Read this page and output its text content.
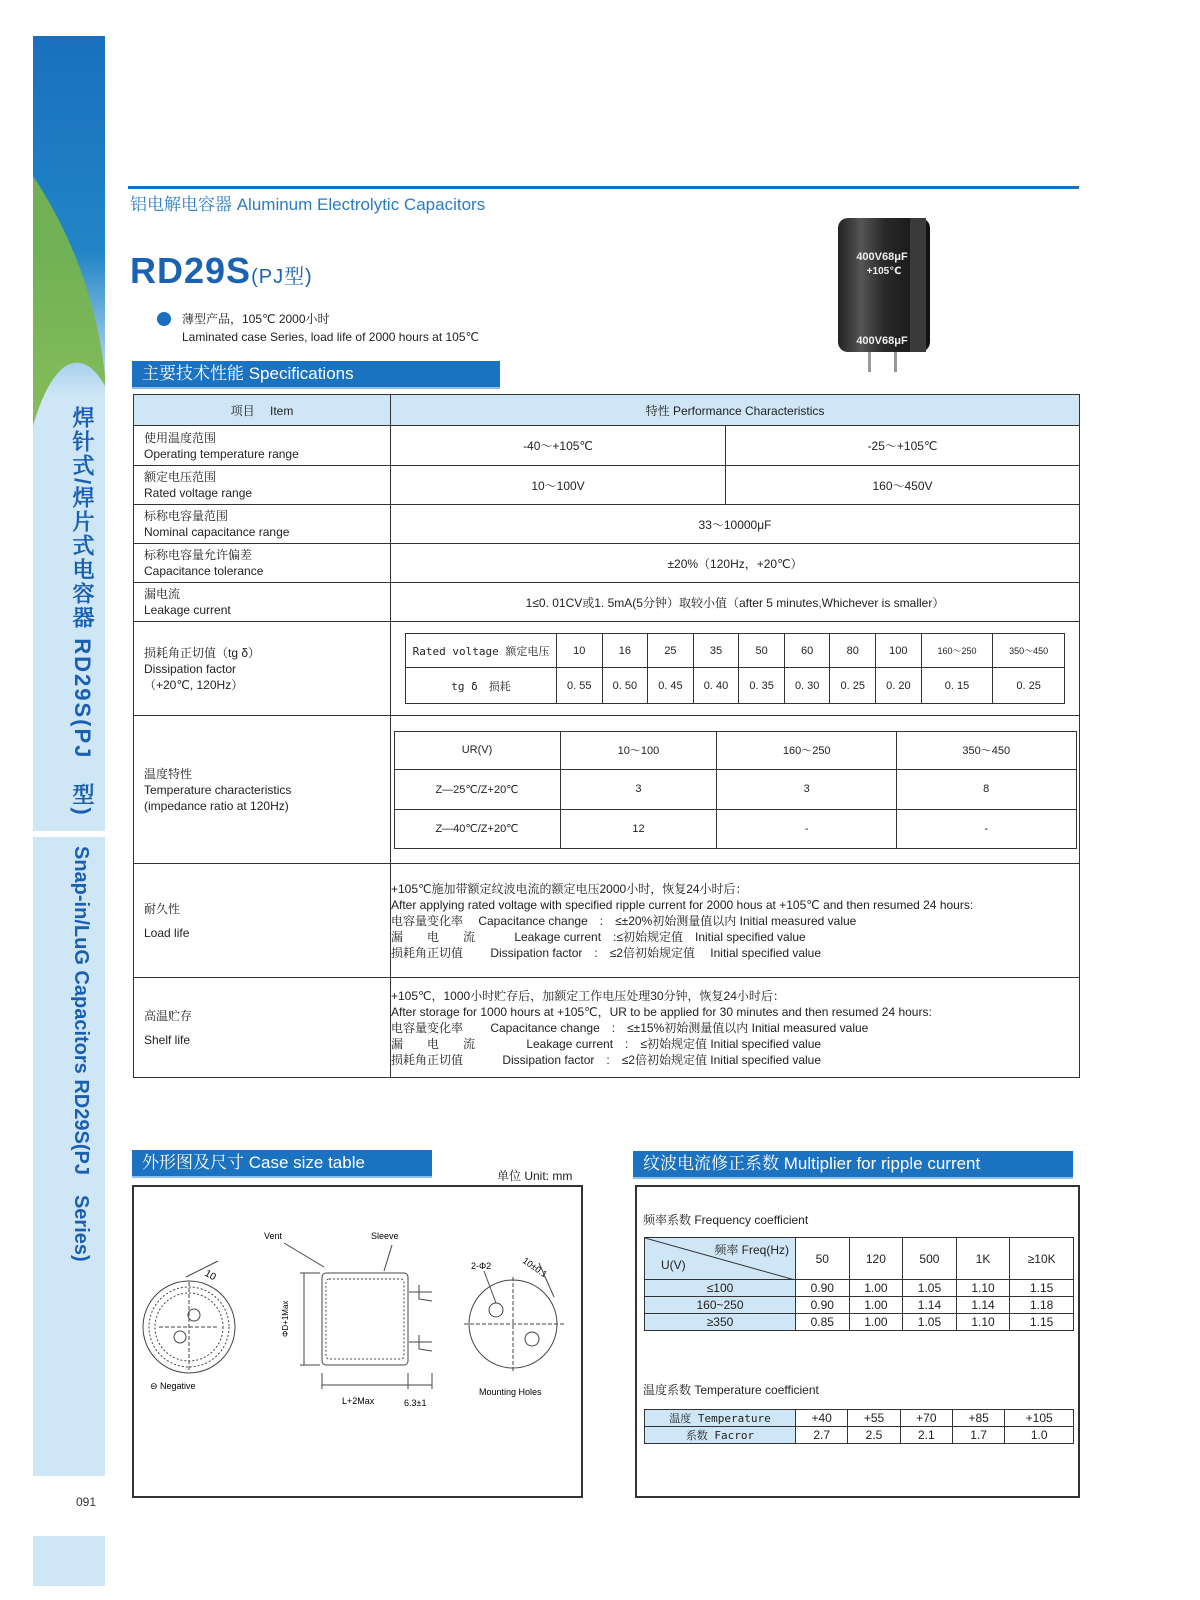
焊针式/焊片式电容器 RD29S(PJ　型)
Snap-in/LuG Capacitors RD29S(PJ　Series)
091
铝电解电容器 Aluminum Electrolytic Capacitors
RD29S(PJ型)
薄型产品，105℃ 2000小时
Laminated case Series, load life of 2000 hours at 105℃
400V68μF
+105℃
400V68μF
主要技术性能 Specifications
项目　 Item	特性 Performance Characteristics

使用温度范围
Operating temperature range
	-40～+105℃	-25～+105℃

额定电压范围
Rated voltage range
	10～100V	160～450V

标称电容量范围
Nominal capacitance range
	33～10000μF

标称电容量允许偏差
Capacitance tolerance
	±20%（120Hz，+20℃）

漏电流
Leakage current
	1≤0. 01CV或1. 5mA(5分钟）取较小值（after 5 minutes,Whichever is smaller）

损耗角正切值（tg δ）
Dissipation factor
（+20℃, 120Hz）

Rated voltage 额定电压	10	16	25	35	50	60	80	100	160～250	350～450
tg δ　损耗	0. 55	0. 50	0. 45	0. 40	0. 35	0. 30	0. 25	0. 20	0. 15	0. 25

温度特性
Temperature characteristics
(impedance ratio at 120Hz)

UR(V)	10～100	160～250	350～450
Z—25℃/Z+20℃	3	3	8
Z—40℃/Z+20℃	12	-	-

耐久性
Load life

+105℃施加带额定纹波电流的额定电压2000小时，恢复24小时后：
After applying rated voltage with specified ripple current for 2000 hous at +105℃ and then resumed 24 hours:
电容量变化率　 Capacitance change　:　≤±20%初始测量值以内 Initial measured value
漏　　电　　流　　　 Leakage current　:≤初始规定值　Initial specified value
损耗角正切值　　 Dissipation factor　:　≤2倍初始规定值　 Initial specified value

高温贮存
Shelf life

+105℃，1000小时贮存后，加额定工作电压处理30分钟，恢复24小时后：
After storage for 1000 hours at +105℃，UR to be applied for 30 minutes and then resumed 24 hours:
电容量变化率　　 Capacitance change　:　≤±15%初始测量值以内 Initial measured value
漏　　电　　流　　　　 Leakage current　:　≤初始规定值 Initial specified value
损耗角正切值　　　 Dissipation factor　:　≤2倍初始规定值 Initial specified value
外形图及尺寸 Case size table
单位 Unit: mm
10
⊖ Negative
Vent	Sleeve
ΦD+1Max
L+2Max	6.3±1
2-Φ2	10±0.1
Mounting Holes
纹波电流修正系数 Multiplier for ripple current
频率系数 Frequency coefficient
频率 Freq(Hz)
U(V)	50	120	500	1K	≥10K
≤100	0.90	1.00	1.05	1.10	1.15
160~250	0.90	1.00	1.14	1.14	1.18
≥350	0.85	1.00	1.05	1.10	1.15
温度系数 Temperature coefficient
温度 Temperature	+40	+55	+70	+85	+105
系数 Facror	2.7	2.5	2.1	1.7	1.0
